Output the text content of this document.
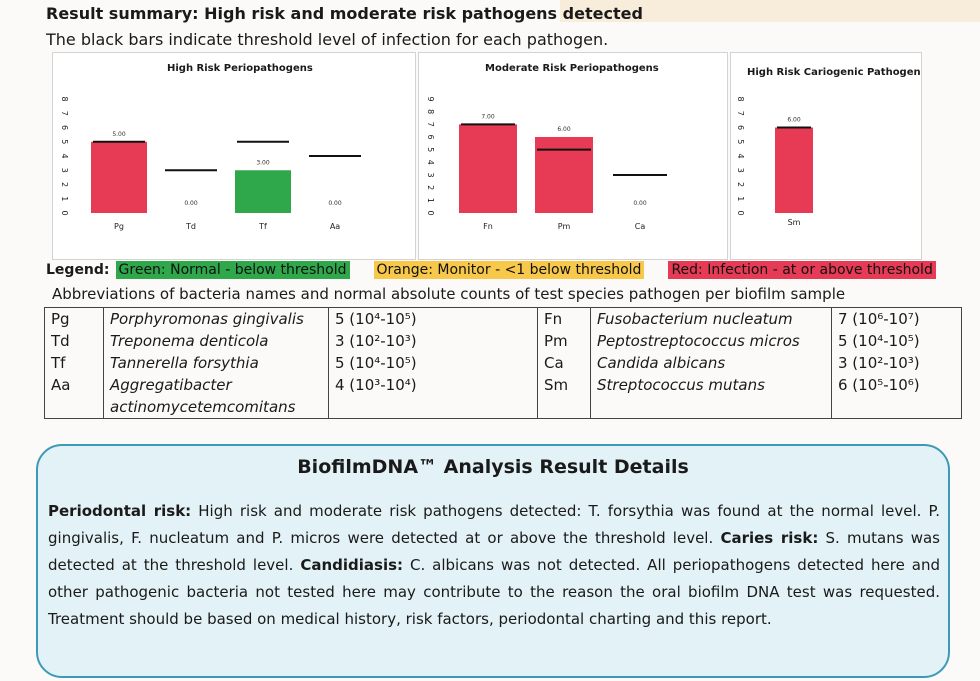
Result summary: High risk and moderate risk pathogens detected
The black bars indicate threshold level of infection for each pathogen.
High Risk Periopathogens
0
1
2
3
4
5
6
7
8
5.00
Pg
0.00
Td
3.00
Tf
0.00
Aa
Moderate Risk Periopathogens
0
1
2
3
4
5
6
7
8
9
7.00
Fn
6.00
Pm
0.00
Ca
High Risk Cariogenic Pathogen
0
1
2
3
4
5
6
7
8
6.00
Sm
Legend: Green: Normal - below threshold Orange: Monitor - <1 below threshold Red: Infection - at or above threshold
Abbreviations of bacteria names and normal absolute counts of test species pathogen per biofilm sample
Pg	Porphyromonas gingivalis	5 (10⁴-10⁵)	Fn	Fusobacterium nucleatum	7 (10⁶-10⁷)
Td	Treponema denticola	3 (10²-10³)	Pm	Peptostreptococcus micros	5 (10⁴-10⁵)
Tf	Tannerella forsythia	5 (10⁴-10⁵)	Ca	Candida albicans	3 (10²-10³)
Aa	Aggregatibacter	4 (10³-10⁴)	Sm	Streptococcus mutans	6 (10⁵-10⁶)
	actinomycetemcomitans				
BiofilmDNA™ Analysis Result Details
Periodontal risk: High risk and moderate risk pathogens detected: T. forsythia was found at the normal level. P. gingivalis, F. nucleatum and P. micros were detected at or above the threshold level. Caries risk: S. mutans was detected at the threshold level. Candidiasis: C. albicans was not detected. All periopathogens detected here and other pathogenic bacteria not tested here may contribute to the reason the oral biofilm DNA test was requested. Treatment should be based on medical history, risk factors, periodontal charting and this report.
